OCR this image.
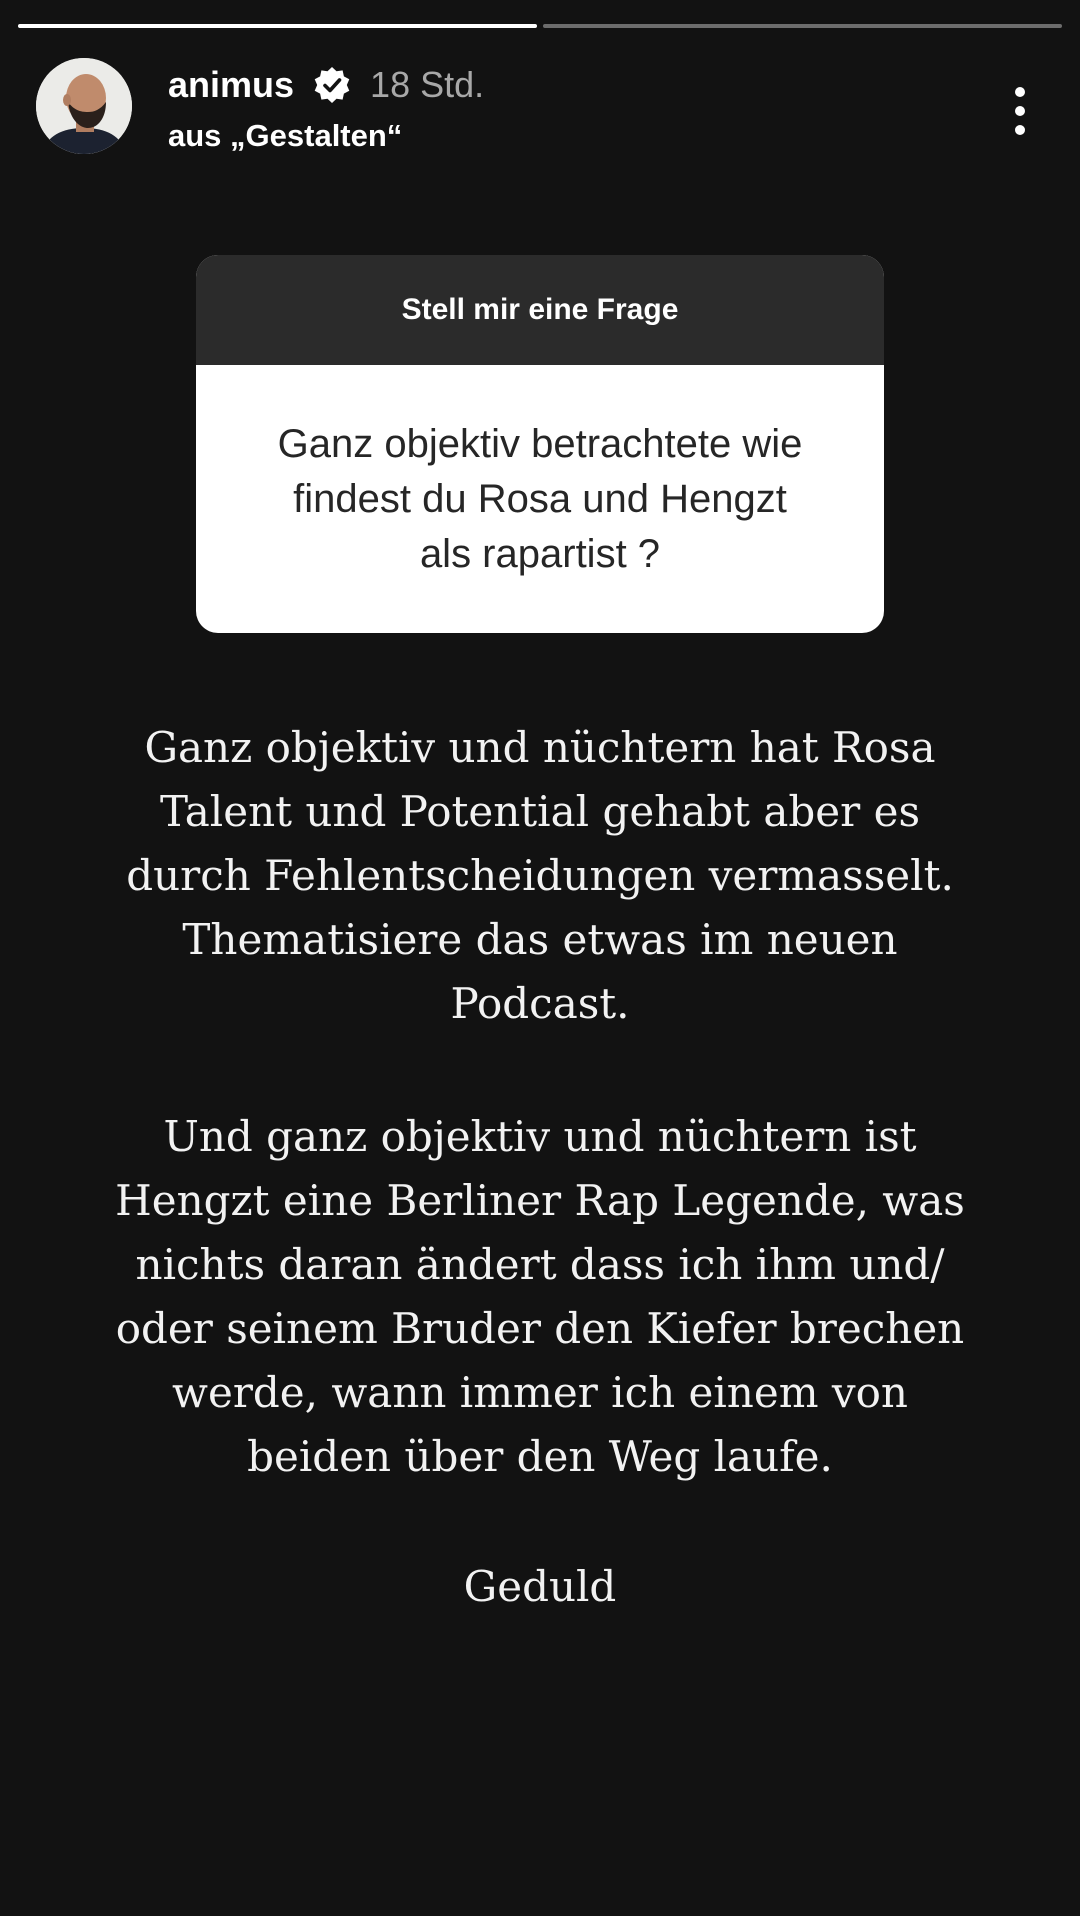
animus 18 Std.
aus „Gestalten“
Stell mir eine Frage
Ganz objektiv betrachtete wie
findest du Rosa und Hengzt
als rapartist ?

Ganz objektiv und nüchtern hat Rosa
Talent und Potential gehabt aber es
durch Fehlentscheidungen vermasselt.
Thematisiere das etwas im neuen
Podcast.

Und ganz objektiv und nüchtern ist
Hengzt eine Berliner Rap Legende, was
nichts daran ändert dass ich ihm und/
oder seinem Bruder den Kiefer brechen
werde, wann immer ich einem von
beiden über den Weg laufe.

Geduld
